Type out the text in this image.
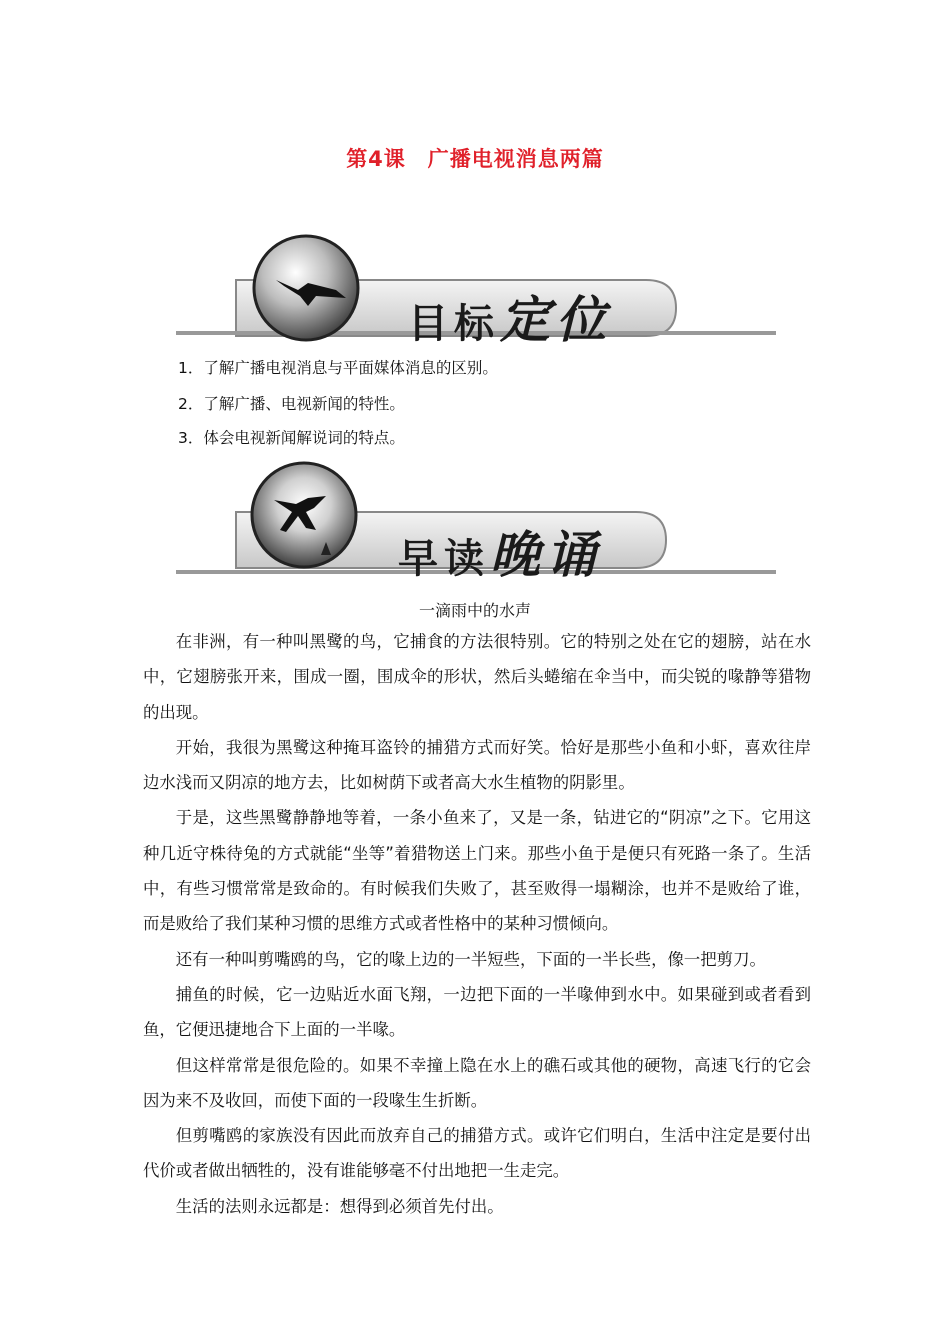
第4课　广播电视消息两篇
目标定位
1．了解广播电视消息与平面媒体消息的区别。
2．了解广播、电视新闻的特性。
3．体会电视新闻解说词的特点。
早读晚诵
一滴雨中的水声

在非洲，有一种叫黑鹭的鸟，它捕食的方法很特别。它的特别之处在它的翅膀，站在水中，它翅膀张开来，围成一圈，围成伞的形状，然后头蜷缩在伞当中，而尖锐的喙静等猎物的出现。

开始，我很为黑鹭这种掩耳盗铃的捕猎方式而好笑。恰好是那些小鱼和小虾，喜欢往岸边水浅而又阴凉的地方去，比如树荫下或者高大水生植物的阴影里。

于是，这些黑鹭静静地等着，一条小鱼来了，又是一条，钻进它的“阴凉”之下。它用这种几近守株待兔的方式就能“坐等”着猎物送上门来。那些小鱼于是便只有死路一条了。生活中，有些习惯常常是致命的。有时候我们失败了，甚至败得一塌糊涂，也并不是败给了谁，而是败给了我们某种习惯的思维方式或者性格中的某种习惯倾向。

还有一种叫剪嘴鸥的鸟，它的喙上边的一半短些，下面的一半长些，像一把剪刀。

捕鱼的时候，它一边贴近水面飞翔，一边把下面的一半喙伸到水中。如果碰到或者看到鱼，它便迅捷地合下上面的一半喙。

但这样常常是很危险的。如果不幸撞上隐在水上的礁石或其他的硬物，高速飞行的它会因为来不及收回，而使下面的一段喙生生折断。

但剪嘴鸥的家族没有因此而放弃自己的捕猎方式。或许它们明白，生活中注定是要付出代价或者做出牺牲的，没有谁能够毫不付出地把一生走完。

生活的法则永远都是：想得到必须首先付出。
